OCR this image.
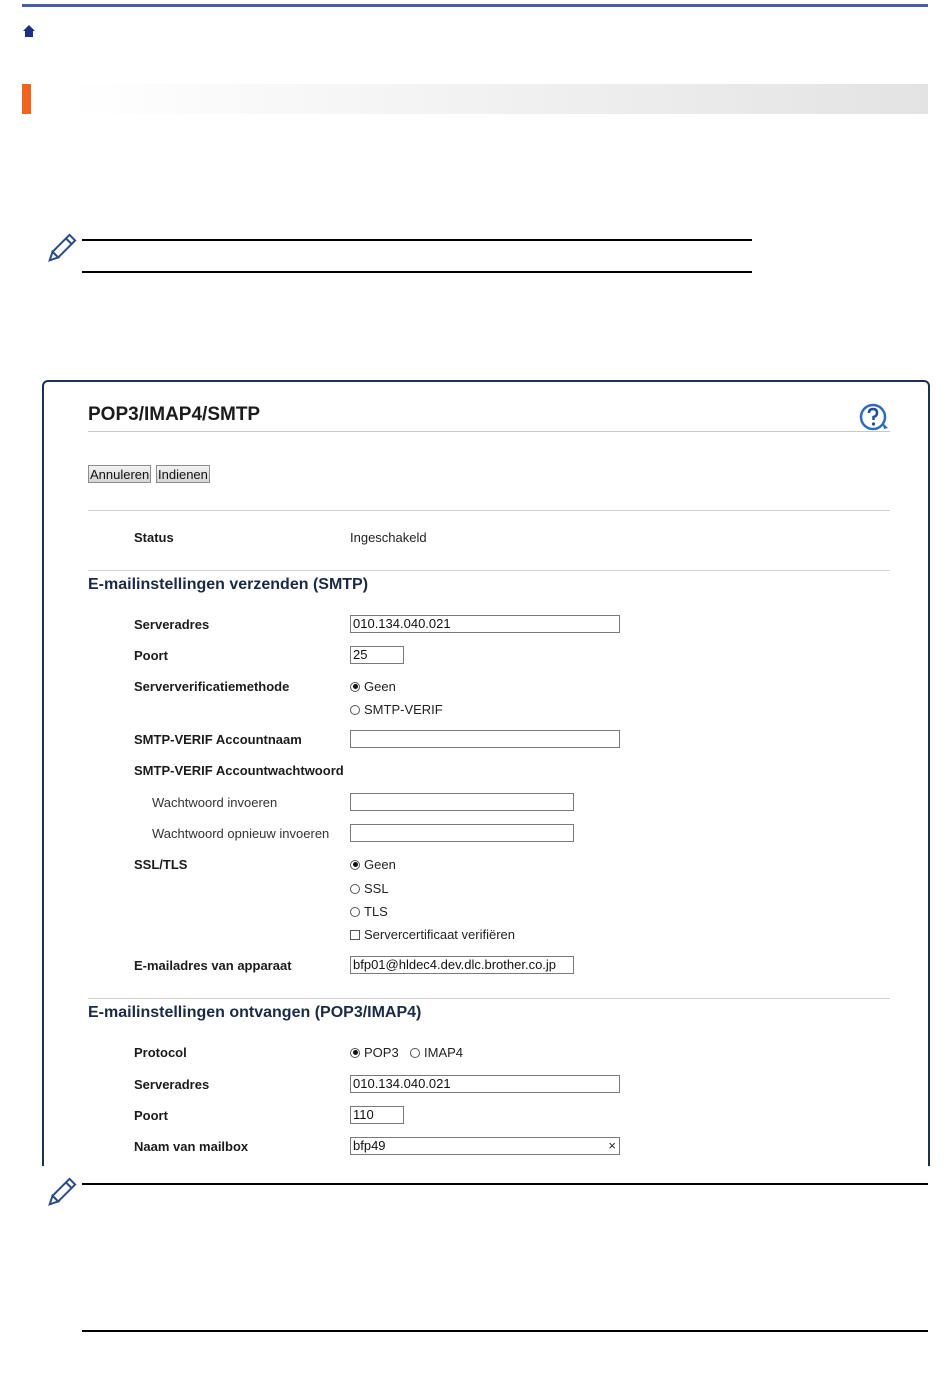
POP3/IMAP4/SMTP
Annuleren Indienen
Status	Ingeschakeld
E-mailinstellingen verzenden (SMTP)
Serveradres	010.134.040.021
Poort	25
Serververificatiemethode	Geen
SMTP-VERIF
SMTP-VERIF Accountnaam
SMTP-VERIF Accountwachtwoord
Wachtwoord invoeren
Wachtwoord opnieuw invoeren
SSL/TLS	Geen
SSL
TLS
Servercertificaat verifiëren
E-mailadres van apparaat	bfp01@hldec4.dev.dlc.brother.co.jp
E-mailinstellingen ontvangen (POP3/IMAP4)
Protocol	POP3 IMAP4
Serveradres	010.134.040.021
Poort	110
Naam van mailbox	bfp49	×
